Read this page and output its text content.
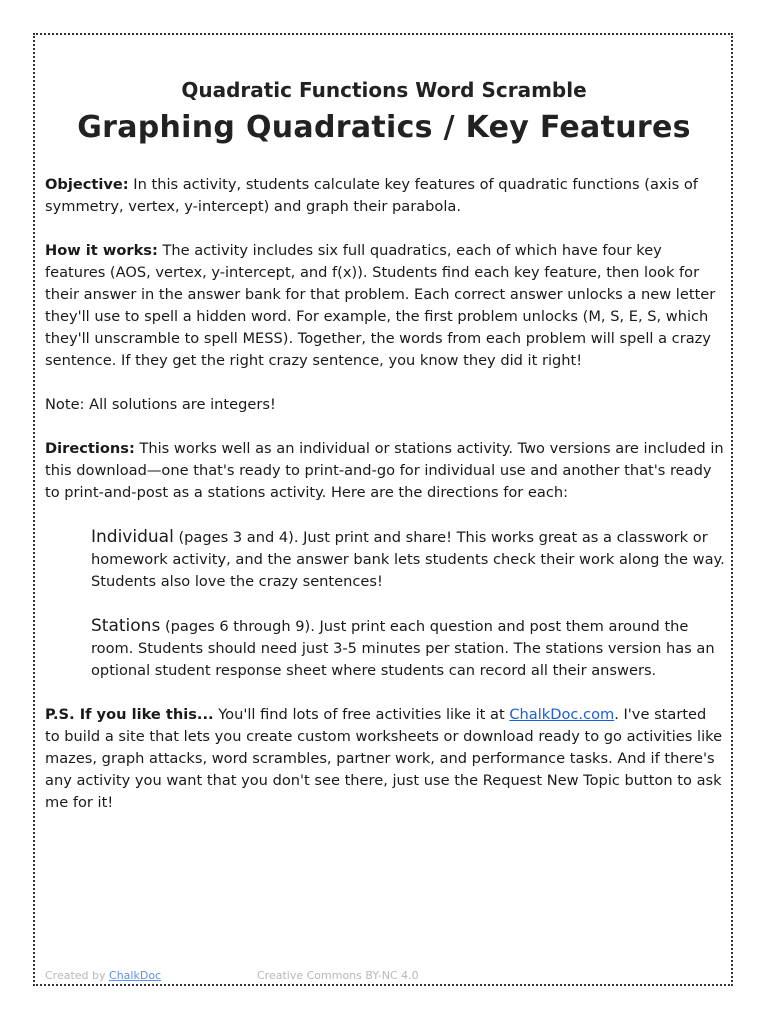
Quadratic Functions Word Scramble
Graphing Quadratics / Key Features

Objective: In this activity, students calculate key features of quadratic functions (axis of symmetry, vertex, y-intercept) and graph their parabola.

How it works: The activity includes six full quadratics, each of which have four key features (AOS, vertex, y-intercept, and f(x)). Students find each key feature, then look for their answer in the answer bank for that problem. Each correct answer unlocks a new letter they'll use to spell a hidden word. For example, the first problem unlocks (M, S, E, S, which they'll unscramble to spell MESS). Together, the words from each problem will spell a crazy sentence. If they get the right crazy sentence, you know they did it right!

Note: All solutions are integers!

Directions: This works well as an individual or stations activity. Two versions are included in this download—one that's ready to print-and-go for individual use and another that's ready to print-and-post as a stations activity. Here are the directions for each:

Individual (pages 3 and 4). Just print and share! This works great as a classwork or homework activity, and the answer bank lets students check their work along the way. Students also love the crazy sentences!

Stations (pages 6 through 9). Just print each question and post them around the room. Students should need just 3-5 minutes per station. The stations version has an optional student response sheet where students can record all their answers.

P.S. If you like this... You'll find lots of free activities like it at ChalkDoc.com. I've started to build a site that lets you create custom worksheets or download ready to go activities like mazes, graph attacks, word scrambles, partner work, and performance tasks. And if there's any activity you want that you don't see there, just use the Request New Topic button to ask me for it!

Created by ChalkDoc	Creative Commons BY-NC 4.0
